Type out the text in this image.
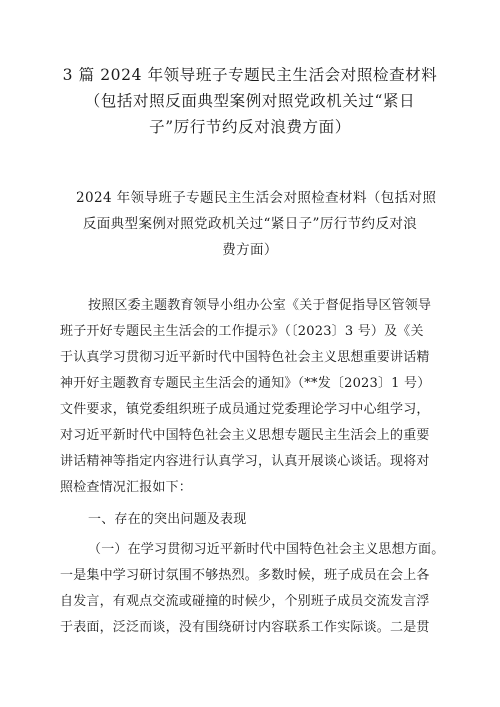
3 篇 2024 年领导班子专题民主生活会对照检查材料
（包括对照反面典型案例对照党政机关过“紧日
子”厉行节约反对浪费方面）
2024 年领导班子专题民主生活会对照检查材料（包括对照
反面典型案例对照党政机关过“紧日子”厉行节约反对浪
费方面）
按照区委主题教育领导小组办公室《关于督促指导区管领导
班子开好专题民主生活会的工作提示》（〔2023〕3 号）及《关
于认真学习贯彻习近平新时代中国特色社会主义思想重要讲话精
神开好主题教育专题民主生活会的通知》（**发〔2023〕1 号）
文件要求，镇党委组织班子成员通过党委理论学习中心组学习，
对习近平新时代中国特色社会主义思想专题民主生活会上的重要
讲话精神等指定内容进行认真学习，认真开展谈心谈话。现将对
照检查情况汇报如下：
一、存在的突出问题及表现
（一）在学习贯彻习近平新时代中国特色社会主义思想方面。
一是集中学习研讨氛围不够热烈。多数时候，班子成员在会上各
自发言，有观点交流或碰撞的时候少，个别班子成员交流发言浮
于表面，泛泛而谈，没有围绕研讨内容联系工作实际谈。二是贯
